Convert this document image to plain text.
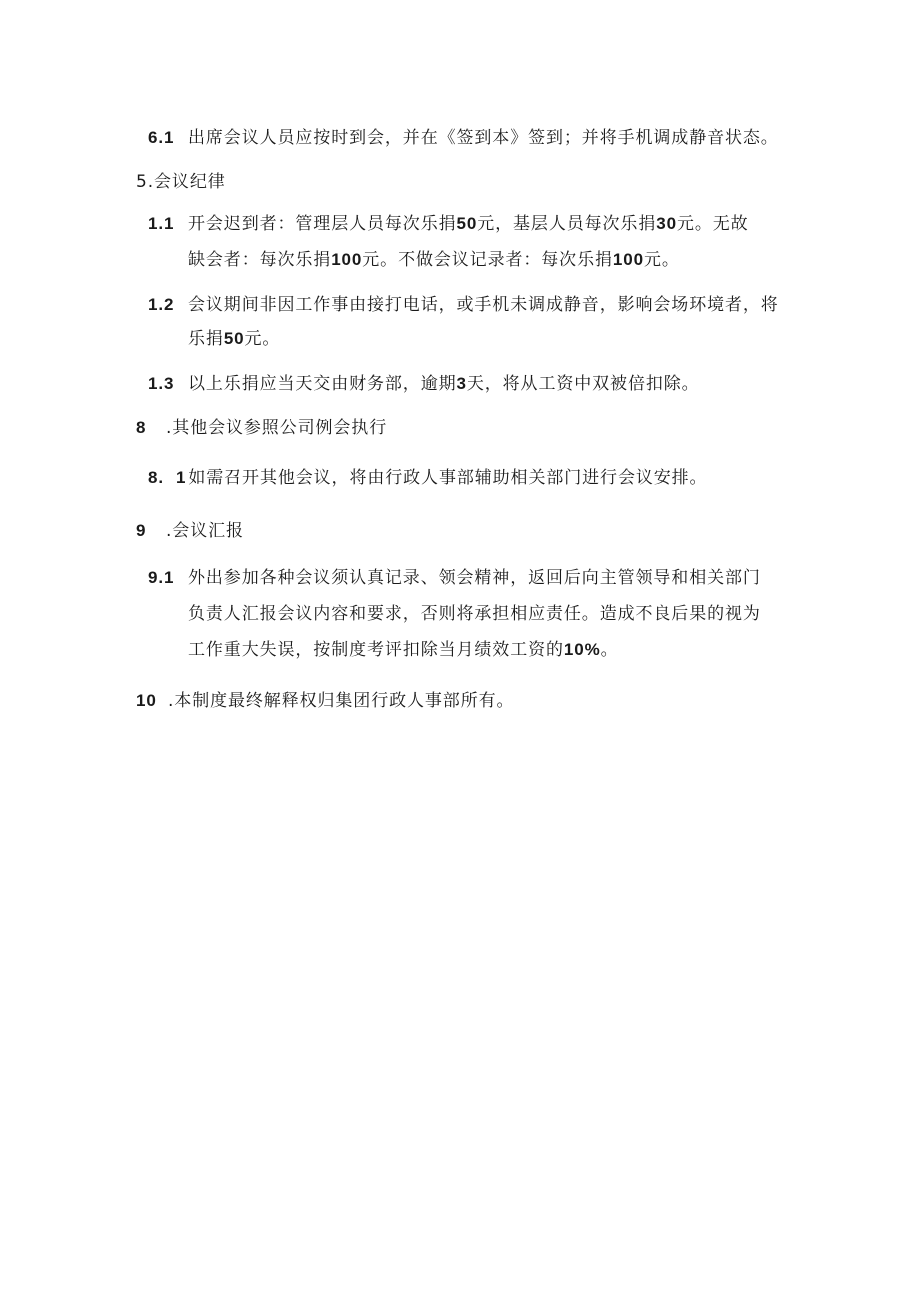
6.1 出席会议人员应按时到会，并在《签到本》签到；并将手机调成静音状态。
5.会议纪律
1.1 开会迟到者：管理层人员每次乐捐50元，基层人员每次乐捐30元。无故
缺会者：每次乐捐100元。不做会议记录者：每次乐捐100元。
1.2 会议期间非因工作事由接打电话，或手机未调成静音，影响会场环境者，将
乐捐50元。
1.3 以上乐捐应当天交由财务部，逾期3天，将从工资中双被倍扣除。
8 .其他会议参照公司例会执行
8. 1 如需召开其他会议，将由行政人事部辅助相关部门进行会议安排。
9 .会议汇报
9.1 外出参加各种会议须认真记录、领会精神，返回后向主管领导和相关部门
负责人汇报会议内容和要求，否则将承担相应责任。造成不良后果的视为
工作重大失误，按制度考评扣除当月绩效工资的10%。
10 .本制度最终解释权归集团行政人事部所有。
